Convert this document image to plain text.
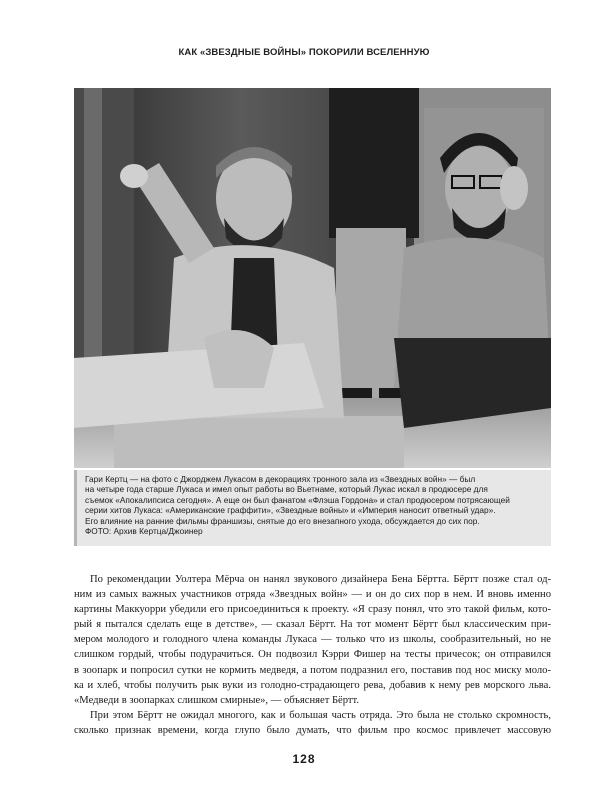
КАК «ЗВЕЗДНЫЕ ВОЙНЫ» ПОКОРИЛИ ВСЕЛЕННУЮ
Гари Кертц — на фото с Джорджем Лукасом в декорациях тронного зала из «Звездных войн» — был
на четыре года старше Лукаса и имел опыт работы во Вьетнаме, который Лукас искал в продюсере для
съемок «Апокалипсиса сегодня». А еще он был фанатом «Флэша Гордона» и стал продюсером потрясающей
серии хитов Лукаса: «Американские граффити», «Звездные войны» и «Империя наносит ответный удар».
Его влияние на ранние фильмы франшизы, снятые до его внезапного ухода, обсуждается до сих пор.
ФОТО: Архив Кертца/Джоинер
По рекомендации Уолтера Мёрча он нанял звукового дизайнера Бена Бёртта. Бёртт позже стал од-
ним из самых важных участников отряда «Звездных войн» — и он до сих пор в нем. И вновь именно
картины Маккуорри убедили его присоединиться к проекту. «Я сразу понял, что это такой фильм, кото-
рый я пытался сделать еще в детстве», — сказал Бёртт. На тот момент Бёртт был классическим при-
мером молодого и голодного члена команды Лукаса — только что из школы, сообразительный, но не
слишком гордый, чтобы подурачиться. Он подвозил Кэрри Фишер на тесты причесок; он отправился
в зоопарк и попросил сутки не кормить медведя, а потом подразнил его, поставив под нос миску моло-
ка и хлеб, чтобы получить рык вуки из голодно-страдающего рева, добавив к нему рев морского льва.
«Медведи в зоопарках слишком смирные», — объясняет Бёртт.
При этом Бёртт не ожидал многого, как и большая часть отряда. Это была не столько скромность,
сколько признак времени, когда глупо было думать, что фильм про космос привлечет массовую
128
